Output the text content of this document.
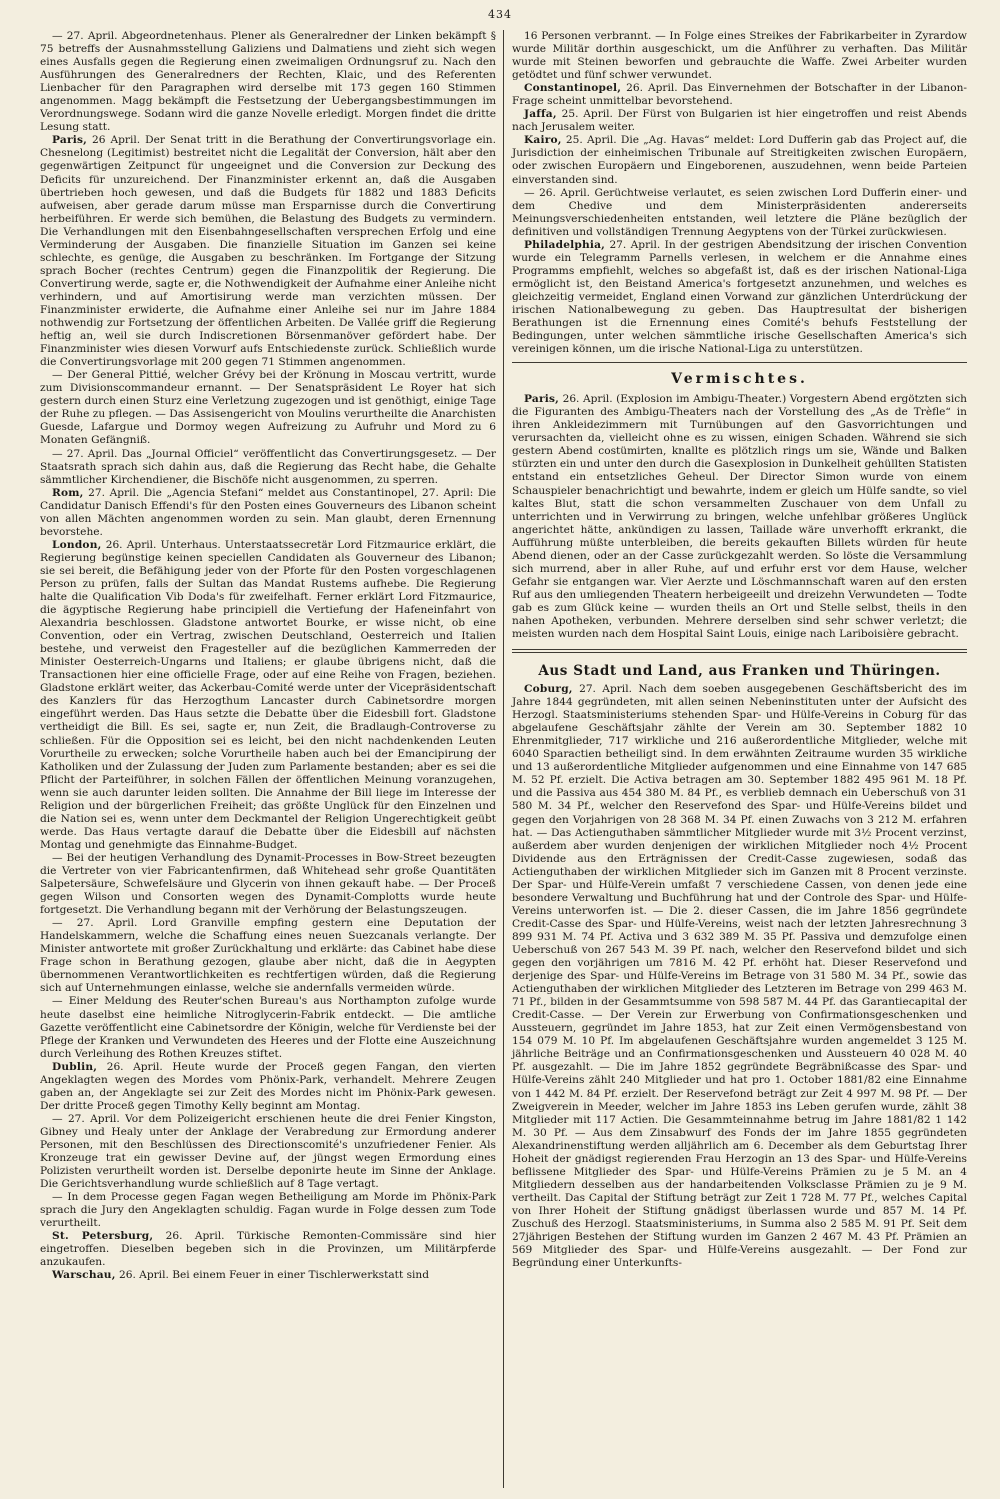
434

— 27. April. Abgeordnetenhaus. Plener als Generalredner der Linken bekämpft § 75 betreffs der Ausnahmsstellung Galiziens und Dalmatiens und zieht sich wegen eines Ausfalls gegen die Regierung einen zweimaligen Ordnungsruf zu. Nach den Ausführungen des Generalredners der Rechten, Klaic, und des Referenten Lienbacher für den Paragraphen wird derselbe mit 173 gegen 160 Stimmen angenommen. Magg bekämpft die Festsetzung der Uebergangsbestimmungen im Verordnungswege. Sodann wird die ganze Novelle erledigt. Morgen findet die dritte Lesung statt.

Paris, 26 April. Der Senat tritt in die Berathung der Convertirungsvorlage ein. Chesnelong (Legitimist) bestreitet nicht die Legalität der Conversion, hält aber den gegenwärtigen Zeitpunct für ungeeignet und die Conversion zur Deckung des Deficits für unzureichend. Der Finanzminister erkennt an, daß die Ausgaben übertrieben hoch gewesen, und daß die Budgets für 1882 und 1883 Deficits aufweisen, aber gerade darum müsse man Ersparnisse durch die Convertirung herbeiführen. Er werde sich bemühen, die Belastung des Budgets zu vermindern. Die Verhandlungen mit den Eisenbahngesellschaften versprechen Erfolg und eine Verminderung der Ausgaben. Die finanzielle Situation im Ganzen sei keine schlechte, es genüge, die Ausgaben zu beschränken. Im Fortgange der Sitzung sprach Bocher (rechtes Centrum) gegen die Finanzpolitik der Regierung. Die Convertirung werde, sagte er, die Nothwendigkeit der Aufnahme einer Anleihe nicht verhindern, und auf Amortisirung werde man verzichten müssen. Der Finanzminister erwiderte, die Aufnahme einer Anleihe sei nur im Jahre 1884 nothwendig zur Fortsetzung der öffentlichen Arbeiten. De Vallée griff die Regierung heftig an, weil sie durch Indiscretionen Börsenmanöver gefördert habe. Der Finanzminister wies diesen Vorwurf aufs Entschiedenste zurück. Schließlich wurde die Convertirungsvorlage mit 200 gegen 71 Stimmen angenommen.

— Der General Pittié, welcher Grévy bei der Krönung in Moscau vertritt, wurde zum Divisionscommandeur ernannt. — Der Senatspräsident Le Royer hat sich gestern durch einen Sturz eine Verletzung zugezogen und ist genöthigt, einige Tage der Ruhe zu pflegen. — Das Assisengericht von Moulins verurtheilte die Anarchisten Guesde, Lafargue und Dormoy wegen Aufreizung zu Aufruhr und Mord zu 6 Monaten Gefängniß.

— 27. April. Das „Journal Officiel“ veröffentlicht das Convertirungsgesetz. — Der Staatsrath sprach sich dahin aus, daß die Regierung das Recht habe, die Gehalte sämmtlicher Kirchendiener, die Bischöfe nicht ausgenommen, zu sperren.

Rom, 27. April. Die „Agencia Stefani“ meldet aus Constantinopel, 27. April: Die Candidatur Danisch Effendi's für den Posten eines Gouverneurs des Libanon scheint von allen Mächten angenommen worden zu sein. Man glaubt, deren Ernennung bevorstehe.

London, 26. April. Unterhaus. Unterstaatssecretär Lord Fitzmaurice erklärt, die Regierung begünstige keinen speciellen Candidaten als Gouverneur des Libanon; sie sei bereit, die Befähigung jeder von der Pforte für den Posten vorgeschlagenen Person zu prüfen, falls der Sultan das Mandat Rustems aufhebe. Die Regierung halte die Qualification Vib Doda's für zweifelhaft. Ferner erklärt Lord Fitzmaurice, die ägyptische Regierung habe principiell die Vertiefung der Hafeneinfahrt von Alexandria beschlossen. Gladstone antwortet Bourke, er wisse nicht, ob eine Convention, oder ein Vertrag, zwischen Deutschland, Oesterreich und Italien bestehe, und verweist den Fragesteller auf die bezüglichen Kammerreden der Minister Oesterreich-Ungarns und Italiens; er glaube übrigens nicht, daß die Transactionen hier eine officielle Frage, oder auf eine Reihe von Fragen, beziehen. Gladstone erklärt weiter, das Ackerbau-Comité werde unter der Vicepräsidentschaft des Kanzlers für das Herzogthum Lancaster durch Cabinetsordre morgen eingeführt werden. Das Haus setzte die Debatte über die Eidesbill fort. Gladstone vertheidigt die Bill. Es sei, sagte er, nun Zeit, die Bradlaugh-Controverse zu schließen. Für die Opposition sei es leicht, bei den nicht nachdenkenden Leuten Vorurtheile zu erwecken; solche Vorurtheile haben auch bei der Emancipirung der Katholiken und der Zulassung der Juden zum Parlamente bestanden; aber es sei die Pflicht der Parteiführer, in solchen Fällen der öffentlichen Meinung voranzugehen, wenn sie auch darunter leiden sollten. Die Annahme der Bill liege im Interesse der Religion und der bürgerlichen Freiheit; das größte Unglück für den Einzelnen und die Nation sei es, wenn unter dem Deckmantel der Religion Ungerechtigkeit geübt werde. Das Haus vertagte darauf die Debatte über die Eidesbill auf nächsten Montag und genehmigte das Einnahme-Budget.

— Bei der heutigen Verhandlung des Dynamit-Processes in Bow-Street bezeugten die Vertreter von vier Fabricantenfirmen, daß Whitehead sehr große Quantitäten Salpetersäure, Schwefelsäure und Glycerin von ihnen gekauft habe. — Der Proceß gegen Wilson und Consorten wegen des Dynamit-Complotts wurde heute fortgesetzt. Die Verhandlung begann mit der Verhörung der Belastungszeugen.

— 27. April. Lord Granville empfing gestern eine Deputation der Handelskammern, welche die Schaffung eines neuen Suezcanals verlangte. Der Minister antwortete mit großer Zurückhaltung und erklärte: das Cabinet habe diese Frage schon in Berathung gezogen, glaube aber nicht, daß die in Aegypten übernommenen Verantwortlichkeiten es rechtfertigen würden, daß die Regierung sich auf Unternehmungen einlasse, welche sie andernfalls vermeiden würde.

— Einer Meldung des Reuter'schen Bureau's aus Northampton zufolge wurde heute daselbst eine heimliche Nitroglycerin-Fabrik entdeckt. — Die amtliche Gazette veröffentlicht eine Cabinetsordre der Königin, welche für Verdienste bei der Pflege der Kranken und Verwundeten des Heeres und der Flotte eine Auszeichnung durch Verleihung des Rothen Kreuzes stiftet.

Dublin, 26. April. Heute wurde der Proceß gegen Fangan, den vierten Angeklagten wegen des Mordes vom Phönix-Park, verhandelt. Mehrere Zeugen gaben an, der Angeklagte sei zur Zeit des Mordes nicht im Phönix-Park gewesen. Der dritte Proceß gegen Timothy Kelly beginnt am Montag.

— 27. April. Vor dem Polizeigericht erschienen heute die drei Fenier Kingston, Gibney und Healy unter der Anklage der Verabredung zur Ermordung anderer Personen, mit den Beschlüssen des Directionscomité's unzufriedener Fenier. Als Kronzeuge trat ein gewisser Devine auf, der jüngst wegen Ermordung eines Polizisten verurtheilt worden ist. Derselbe deponirte heute im Sinne der Anklage. Die Gerichtsverhandlung wurde schließlich auf 8 Tage vertagt.

— In dem Processe gegen Fagan wegen Betheiligung am Morde im Phönix-Park sprach die Jury den Angeklagten schuldig. Fagan wurde in Folge dessen zum Tode verurtheilt.

St. Petersburg, 26. April. Türkische Remonten-Commissäre sind hier eingetroffen. Dieselben begeben sich in die Provinzen, um Militärpferde anzukaufen.

Warschau, 26. April. Bei einem Feuer in einer Tischlerwerkstatt sind

16 Personen verbrannt. — In Folge eines Streikes der Fabrikarbeiter in Zyrardow wurde Militär dorthin ausgeschickt, um die Anführer zu verhaften. Das Militär wurde mit Steinen beworfen und gebrauchte die Waffe. Zwei Arbeiter wurden getödtet und fünf schwer verwundet.

Constantinopel, 26. April. Das Einvernehmen der Botschafter in der Libanon-Frage scheint unmittelbar bevorstehend.

Jaffa, 25. April. Der Fürst von Bulgarien ist hier eingetroffen und reist Abends nach Jerusalem weiter.

Kairo, 25. April. Die „Ag. Havas“ meldet: Lord Dufferin gab das Project auf, die Jurisdiction der einheimischen Tribunale auf Streitigkeiten zwischen Europäern, oder zwischen Europäern und Eingeborenen, auszudehnen, wenn beide Parteien einverstanden sind.

— 26. April. Gerüchtweise verlautet, es seien zwischen Lord Dufferin einer- und dem Chedive und dem Ministerpräsidenten andererseits Meinungsverschiedenheiten entstanden, weil letztere die Pläne bezüglich der definitiven und vollständigen Trennung Aegyptens von der Türkei zurückwiesen.

Philadelphia, 27. April. In der gestrigen Abendsitzung der irischen Convention wurde ein Telegramm Parnells verlesen, in welchem er die Annahme eines Programms empfiehlt, welches so abgefaßt ist, daß es der irischen National-Liga ermöglicht ist, den Beistand America's fortgesetzt anzunehmen, und welches es gleichzeitig vermeidet, England einen Vorwand zur gänzlichen Unterdrückung der irischen Nationalbewegung zu geben. Das Hauptresultat der bisherigen Berathungen ist die Ernennung eines Comité's behufs Feststellung der Bedingungen, unter welchen sämmtliche irische Gesellschaften America's sich vereinigen können, um die irische National-Liga zu unterstützen.

Vermischtes.

Paris, 26. April. (Explosion im Ambigu-Theater.) Vorgestern Abend ergötzten sich die Figuranten des Ambigu-Theaters nach der Vorstellung des „As de Trèfle“ in ihren Ankleidezimmern mit Turnübungen auf den Gasvorrichtungen und verursachten da, vielleicht ohne es zu wissen, einigen Schaden. Während sie sich gestern Abend costümirten, knallte es plötzlich rings um sie, Wände und Balken stürzten ein und unter den durch die Gasexplosion in Dunkelheit gehüllten Statisten entstand ein entsetzliches Geheul. Der Director Simon wurde von einem Schauspieler benachrichtigt und bewahrte, indem er gleich um Hülfe sandte, so viel kaltes Blut, statt die schon versammelten Zuschauer von dem Unfall zu unterrichten und in Verwirrung zu bringen, welche unfehlbar größeres Unglück angerichtet hätte, ankündigen zu lassen, Taillade wäre unverhofft erkrankt, die Aufführung müßte unterbleiben, die bereits gekauften Billets würden für heute Abend dienen, oder an der Casse zurückgezahlt werden. So löste die Versammlung sich murrend, aber in aller Ruhe, auf und erfuhr erst vor dem Hause, welcher Gefahr sie entgangen war. Vier Aerzte und Löschmannschaft waren auf den ersten Ruf aus den umliegenden Theatern herbeigeeilt und dreizehn Verwundeten — Todte gab es zum Glück keine — wurden theils an Ort und Stelle selbst, theils in den nahen Apotheken, verbunden. Mehrere derselben sind sehr schwer verletzt; die meisten wurden nach dem Hospital Saint Louis, einige nach Lariboisière gebracht.

Aus Stadt und Land, aus Franken und Thüringen.

Coburg, 27. April. Nach dem soeben ausgegebenen Geschäftsbericht des im Jahre 1844 gegründeten, mit allen seinen Nebeninstituten unter der Aufsicht des Herzogl. Staatsministeriums stehenden Spar- und Hülfe-Vereins in Coburg für das abgelaufene Geschäftsjahr zählte der Verein am 30. September 1882 10 Ehrenmitglieder, 717 wirkliche und 216 außerordentliche Mitglieder, welche mit 6040 Sparactien betheiligt sind. In dem erwähnten Zeitraume wurden 35 wirkliche und 13 außerordentliche Mitglieder aufgenommen und eine Einnahme von 147 685 M. 52 Pf. erzielt. Die Activa betragen am 30. September 1882 495 961 M. 18 Pf. und die Passiva aus 454 380 M. 84 Pf., es verblieb demnach ein Ueberschuß von 31 580 M. 34 Pf., welcher den Reservefond des Spar- und Hülfe-Vereins bildet und gegen den Vorjahrigen von 28 368 M. 34 Pf. einen Zuwachs von 3 212 M. erfahren hat. — Das Actienguthaben sämmtlicher Mitglieder wurde mit 3½ Procent verzinst, außerdem aber wurden denjenigen der wirklichen Mitglieder noch 4½ Procent Dividende aus den Erträgnissen der Credit-Casse zugewiesen, sodaß das Actienguthaben der wirklichen Mitglieder sich im Ganzen mit 8 Procent verzinste. Der Spar- und Hülfe-Verein umfaßt 7 verschiedene Cassen, von denen jede eine besondere Verwaltung und Buchführung hat und der Controle des Spar- und Hülfe-Vereins unterworfen ist. — Die 2. dieser Cassen, die im Jahre 1856 gegründete Credit-Casse des Spar- und Hülfe-Vereins, weist nach der letzten Jahresrechnung 3 899 931 M. 74 Pf. Activa und 3 632 389 M. 35 Pf. Passiva und demzufolge einen Ueberschuß von 267 543 M. 39 Pf. nach, welcher den Reservefond bildet und sich gegen den vorjährigen um 7816 M. 42 Pf. erhöht hat. Dieser Reservefond und derjenige des Spar- und Hülfe-Vereins im Betrage von 31 580 M. 34 Pf., sowie das Actienguthaben der wirklichen Mitglieder des Letzteren im Betrage von 299 463 M. 71 Pf., bilden in der Gesammtsumme von 598 587 M. 44 Pf. das Garantiecapital der Credit-Casse. — Der Verein zur Erwerbung von Confirmationsgeschenken und Aussteuern, gegründet im Jahre 1853, hat zur Zeit einen Vermögensbestand von 154 079 M. 10 Pf. Im abgelaufenen Geschäftsjahre wurden angemeldet 3 125 M. jährliche Beiträge und an Confirmationsgeschenken und Aussteuern 40 028 M. 40 Pf. ausgezahlt. — Die im Jahre 1852 gegründete Begräbnißcasse des Spar- und Hülfe-Vereins zählt 240 Mitglieder und hat pro 1. October 1881/82 eine Einnahme von 1 442 M. 84 Pf. erzielt. Der Reservefond beträgt zur Zeit 4 997 M. 98 Pf. — Der Zweigverein in Meeder, welcher im Jahre 1853 ins Leben gerufen wurde, zählt 38 Mitglieder mit 117 Actien. Die Gesammteinnahme betrug im Jahre 1881/82 1 142 M. 30 Pf. — Aus dem Zinsabwurf des Fonds der im Jahre 1855 gegründeten Alexandrinenstiftung werden alljährlich am 6. December als dem Geburtstag Ihrer Hoheit der gnädigst regierenden Frau Herzogin an 13 des Spar- und Hülfe-Vereins beflissene Mitglieder des Spar- und Hülfe-Vereins Prämien zu je 5 M. an 4 Mitgliedern desselben aus der handarbeitenden Volksclasse Prämien zu je 9 M. vertheilt. Das Capital der Stiftung beträgt zur Zeit 1 728 M. 77 Pf., welches Capital von Ihrer Hoheit der Stiftung gnädigst überlassen wurde und 857 M. 14 Pf. Zuschuß des Herzogl. Staatsministeriums, in Summa also 2 585 M. 91 Pf. Seit dem 27jährigen Bestehen der Stiftung wurden im Ganzen 2 467 M. 43 Pf. Prämien an 569 Mitglieder des Spar- und Hülfe-Vereins ausgezahlt. — Der Fond zur Begründung einer Unterkunfts-
